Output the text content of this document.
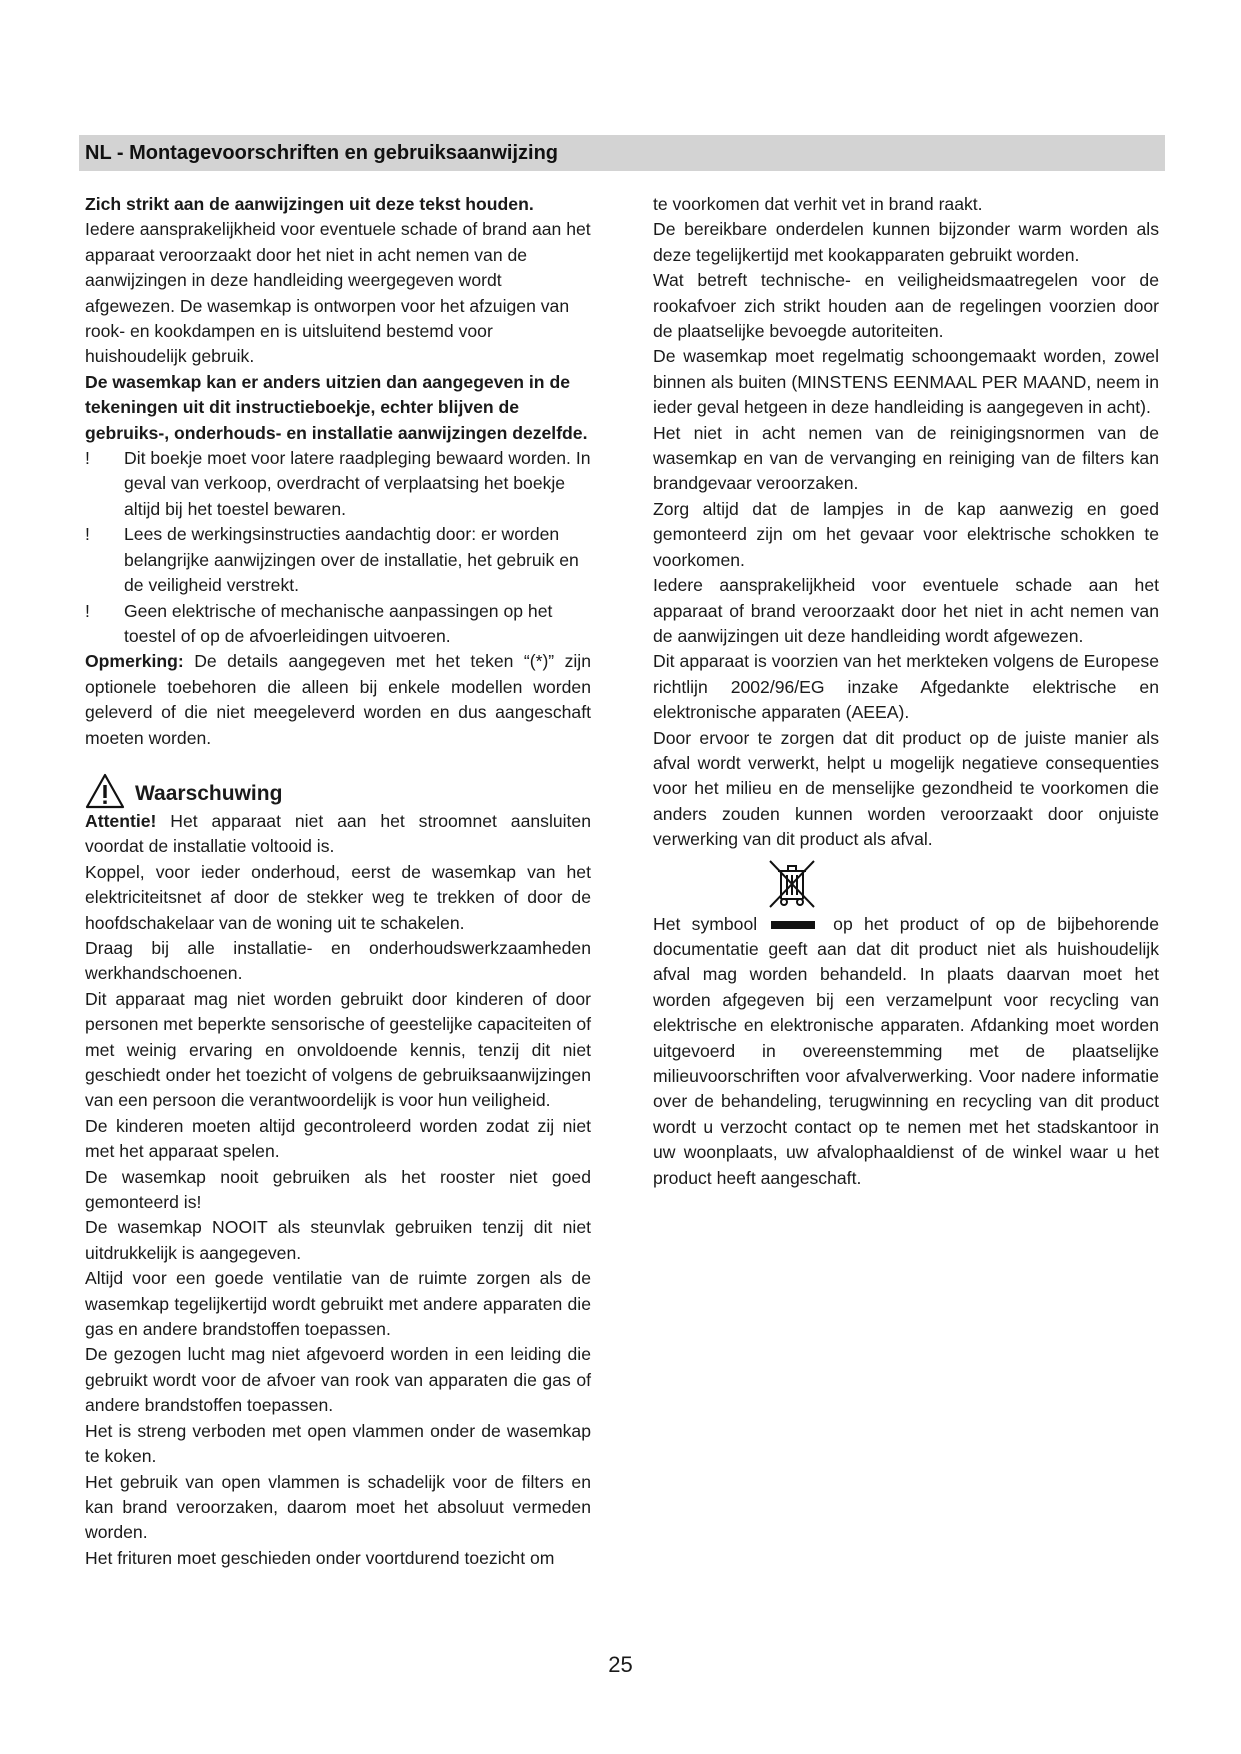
NL - Montagevoorschriften en gebruiksaanwijzing

Zich strikt aan de aanwijzingen uit deze tekst houden.

Iedere aansprakelijkheid voor eventuele schade of brand aan het apparaat veroorzaakt door het niet in acht nemen van de aanwijzingen in deze handleiding weergegeven wordt afgewezen. De wasemkap is ontworpen voor het afzuigen van rook- en kookdampen en is uitsluitend bestemd voor huishoudelijk gebruik.

De wasemkap kan er anders uitzien dan aangegeven in de tekeningen uit dit instructieboekje, echter blijven de gebruiks-, onderhouds- en installatie aanwijzingen dezelfde.

! Dit boekje moet voor latere raadpleging bewaard worden. In geval van verkoop, overdracht of verplaatsing het boekje altijd bij het toestel bewaren.
! Lees de werkingsinstructies aandachtig door: er worden belangrijke aanwijzingen over de installatie, het gebruik en de veiligheid verstrekt.
! Geen elektrische of mechanische aanpassingen op het toestel of op de afvoerleidingen uitvoeren.

Opmerking: De details aangegeven met het teken “(*)” zijn optionele toebehoren die alleen bij enkele modellen worden geleverd of die niet meegeleverd worden en dus aangeschaft moeten worden.

Waarschuwing

Attentie! Het apparaat niet aan het stroomnet aansluiten voordat de installatie voltooid is.

Koppel, voor ieder onderhoud, eerst de wasemkap van het elektriciteitsnet af door de stekker weg te trekken of door de hoofdschakelaar van de woning uit te schakelen.

Draag bij alle installatie- en onderhoudswerkzaamheden werkhandschoenen.

Dit apparaat mag niet worden gebruikt door kinderen of door personen met beperkte sensorische of geestelijke capaciteiten of met weinig ervaring en onvoldoende kennis, tenzij dit niet geschiedt onder het toezicht of volgens de gebruiksaanwijzingen van een persoon die verantwoordelijk is voor hun veiligheid.

De kinderen moeten altijd gecontroleerd worden zodat zij niet met het apparaat spelen.

De wasemkap nooit gebruiken als het rooster niet goed gemonteerd is!

De wasemkap NOOIT als steunvlak gebruiken tenzij dit niet uitdrukkelijk is aangegeven.

Altijd voor een goede ventilatie van de ruimte zorgen als de wasemkap tegelijkertijd wordt gebruikt met andere apparaten die gas en andere brandstoffen toepassen.

De gezogen lucht mag niet afgevoerd worden in een leiding die gebruikt wordt voor de afvoer van rook van apparaten die gas of andere brandstoffen toepassen.

Het is streng verboden met open vlammen onder de wasemkap te koken.

Het gebruik van open vlammen is schadelijk voor de filters en kan brand veroorzaken, daarom moet het absoluut vermeden worden.

Het frituren moet geschieden onder voortdurend toezicht om

te voorkomen dat verhit vet in brand raakt.

De bereikbare onderdelen kunnen bijzonder warm worden als deze tegelijkertijd met kookapparaten gebruikt worden.

Wat betreft technische- en veiligheidsmaatregelen voor de rookafvoer zich strikt houden aan de regelingen voorzien door de plaatselijke bevoegde autoriteiten.

De wasemkap moet regelmatig schoongemaakt worden, zowel binnen als buiten (MINSTENS EENMAAL PER MAAND, neem in ieder geval hetgeen in deze handleiding is aangegeven in acht).

Het niet in acht nemen van de reinigingsnormen van de wasemkap en van de vervanging en reiniging van de filters kan brandgevaar veroorzaken.

Zorg altijd dat de lampjes in de kap aanwezig en goed gemonteerd zijn om het gevaar voor elektrische schokken te voorkomen.

Iedere aansprakelijkheid voor eventuele schade aan het apparaat of brand veroorzaakt door het niet in acht nemen van de aanwijzingen uit deze handleiding wordt afgewezen.

Dit apparaat is voorzien van het merkteken volgens de Europese richtlijn 2002/96/EG inzake Afgedankte elektrische en elektronische apparaten (AEEA).

Door ervoor te zorgen dat dit product op de juiste manier als afval wordt verwerkt, helpt u mogelijk negatieve consequenties voor het milieu en de menselijke gezondheid te voorkomen die anders zouden kunnen worden veroorzaakt door onjuiste verwerking van dit product als afval.

Het symbool	op het product of op de bijbehorende documentatie geeft aan dat dit product niet als huishoudelijk afval mag worden behandeld. In plaats daarvan moet het worden afgegeven bij een verzamelpunt voor recycling van elektrische en elektronische apparaten. Afdanking moet worden uitgevoerd in overeenstemming met de plaatselijke milieuvoorschriften voor afvalverwerking. Voor nadere informatie over de behandeling, terugwinning en recycling van dit product wordt u verzocht contact op te nemen met het stadskantoor in uw woonplaats, uw afvalophaaldienst of de winkel waar u het product heeft aangeschaft.

25
